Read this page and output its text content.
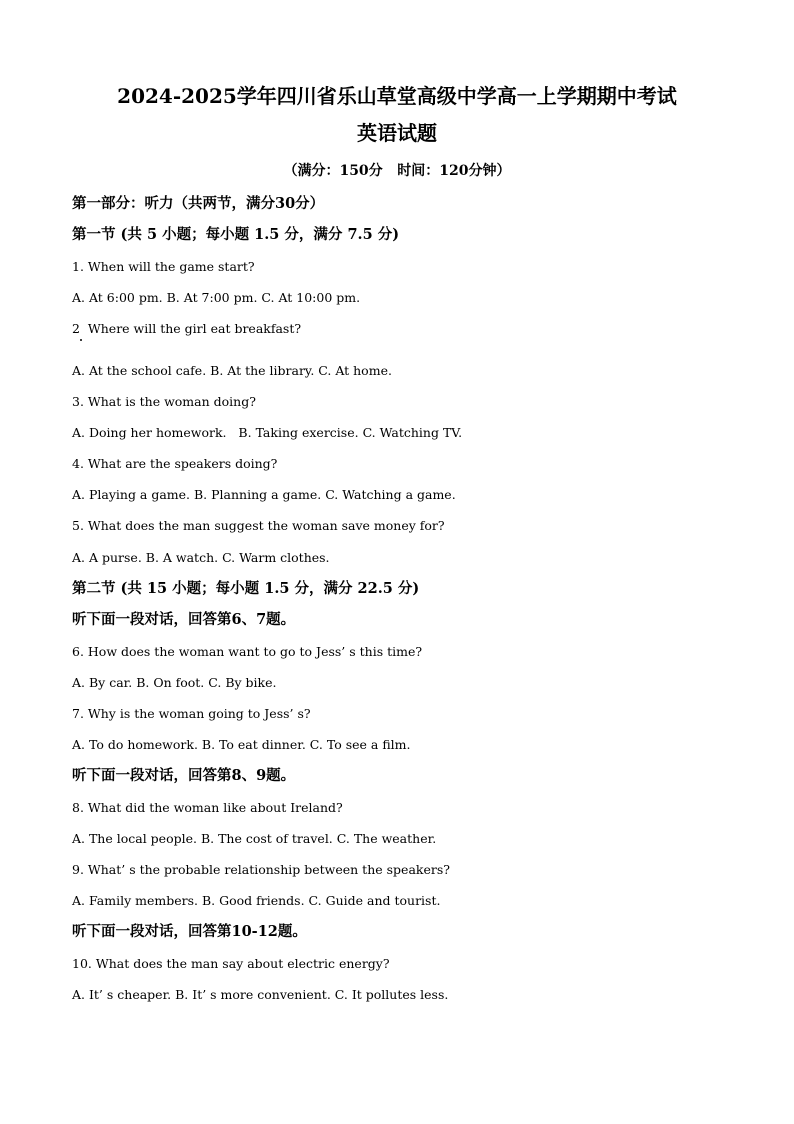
2024-2025学年四川省乐山草堂高级中学高一上学期期中考试
英语试题
（满分：150分   时间：120分钟）
第一部分：听力（共两节，满分30分）
第一节 (共 5 小题；每小题 1.5 分，满分 7.5 分)
1. When will the game start?
A. At 6:00 pm. B. At 7:00 pm. C. At 10:00 pm.
2  Where will the girl eat breakfast?
A. At the school cafe. B. At the library. C. At home.
3. What is the woman doing?
A. Doing her homework.   B. Taking exercise. C. Watching TV.
4. What are the speakers doing?
A. Playing a game. B. Planning a game. C. Watching a game.
5. What does the man suggest the woman save money for?
A. A purse. B. A watch. C. Warm clothes.
第二节 (共 15 小题；每小题 1.5 分，满分 22.5 分)
听下面一段对话，回答第6、7题。
6. How does the woman want to go to Jess’ s this time?
A. By car. B. On foot. C. By bike.
7. Why is the woman going to Jess’ s?
A. To do homework. B. To eat dinner. C. To see a film.
听下面一段对话，回答第8、9题。
8. What did the woman like about Ireland?
A. The local people. B. The cost of travel. C. The weather.
9. What’ s the probable relationship between the speakers?
A. Family members. B. Good friends. C. Guide and tourist.
听下面一段对话，回答第10-12题。
10. What does the man say about electric energy?
A. It’ s cheaper. B. It’ s more convenient. C. It pollutes less.
